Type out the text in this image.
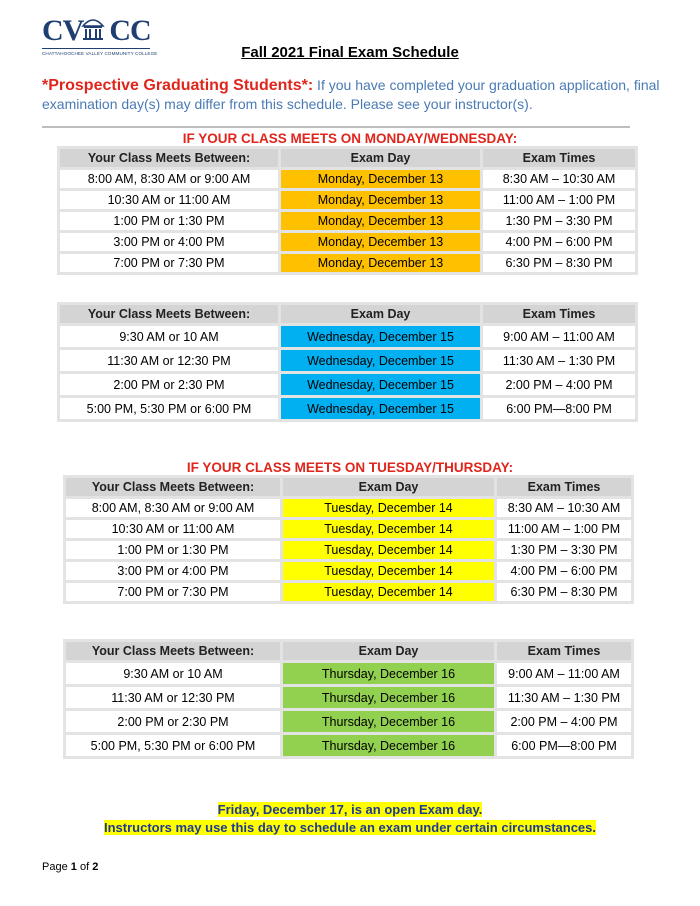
CV CC
CHATTAHOOCHEE VALLEY COMMUNITY COLLEGE	Fall 2021 Final Exam Schedule
*Prospective Graduating Students*: If you have completed your graduation application, final examination day(s) may differ from this schedule. Please see your instructor(s).
IF YOUR CLASS MEETS ON MONDAY/WEDNESDAY:
Your Class Meets Between:	Exam Day	Exam Times
8:00 AM, 8:30 AM or 9:00 AM	Monday, December 13	8:30 AM – 10:30 AM
10:30 AM or 11:00 AM	Monday, December 13	11:00 AM – 1:00 PM
1:00 PM or 1:30 PM	Monday, December 13	1:30 PM – 3:30 PM
3:00 PM or 4:00 PM	Monday, December 13	4:00 PM – 6:00 PM
7:00 PM or 7:30 PM	Monday, December 13	6:30 PM – 8:30 PM
Your Class Meets Between:	Exam Day	Exam Times
9:30 AM or 10 AM	Wednesday, December 15	9:00 AM – 11:00 AM
11:30 AM or 12:30 PM	Wednesday, December 15	11:30 AM – 1:30 PM
2:00 PM or 2:30 PM	Wednesday, December 15	2:00 PM – 4:00 PM
5:00 PM, 5:30 PM or 6:00 PM	Wednesday, December 15	6:00 PM—8:00 PM
IF YOUR CLASS MEETS ON TUESDAY/THURSDAY:
Your Class Meets Between:	Exam Day	Exam Times
8:00 AM, 8:30 AM or 9:00 AM	Tuesday, December 14	8:30 AM – 10:30 AM
10:30 AM or 11:00 AM	Tuesday, December 14	11:00 AM – 1:00 PM
1:00 PM or 1:30 PM	Tuesday, December 14	1:30 PM – 3:30 PM
3:00 PM or 4:00 PM	Tuesday, December 14	4:00 PM – 6:00 PM
7:00 PM or 7:30 PM	Tuesday, December 14	6:30 PM – 8:30 PM
Your Class Meets Between:	Exam Day	Exam Times
9:30 AM or 10 AM	Thursday, December 16	9:00 AM – 11:00 AM
11:30 AM or 12:30 PM	Thursday, December 16	11:30 AM – 1:30 PM
2:00 PM or 2:30 PM	Thursday, December 16	2:00 PM – 4:00 PM
5:00 PM, 5:30 PM or 6:00 PM	Thursday, December 16	6:00 PM—8:00 PM
Friday, December 17, is an open Exam day.
Instructors may use this day to schedule an exam under certain circumstances.
Page 1 of 2
